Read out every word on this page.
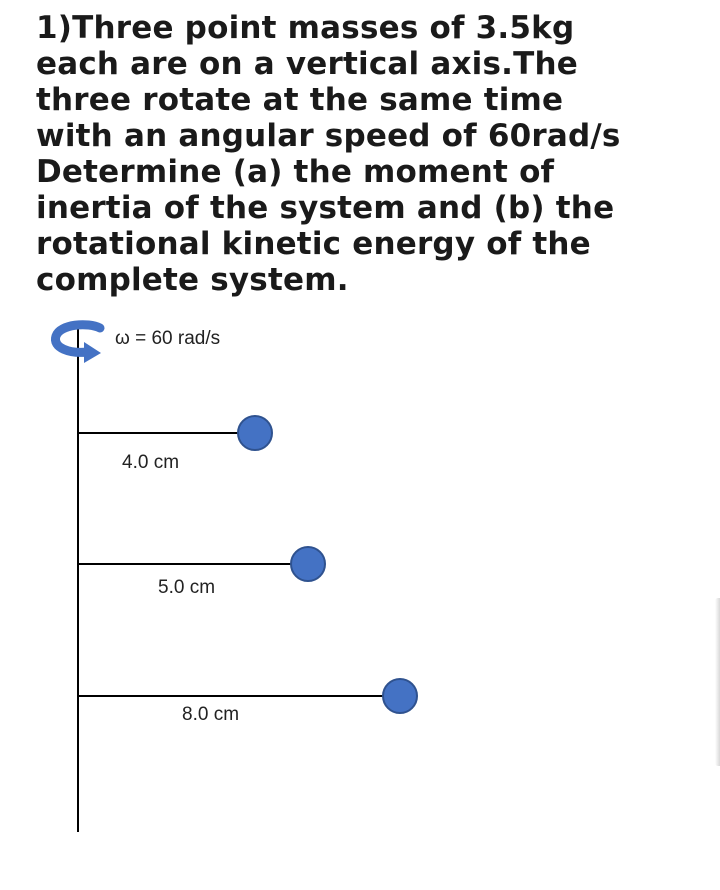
1)Three point masses of 3.5kg
each are on a vertical axis.The
three rotate at the same time
with an angular speed of 60rad/s
Determine (a) the moment of
inertia of the system and (b) the
rotational kinetic energy of the
complete system.
ω = 60 rad/s
4.0 cm
5.0 cm
8.0 cm
